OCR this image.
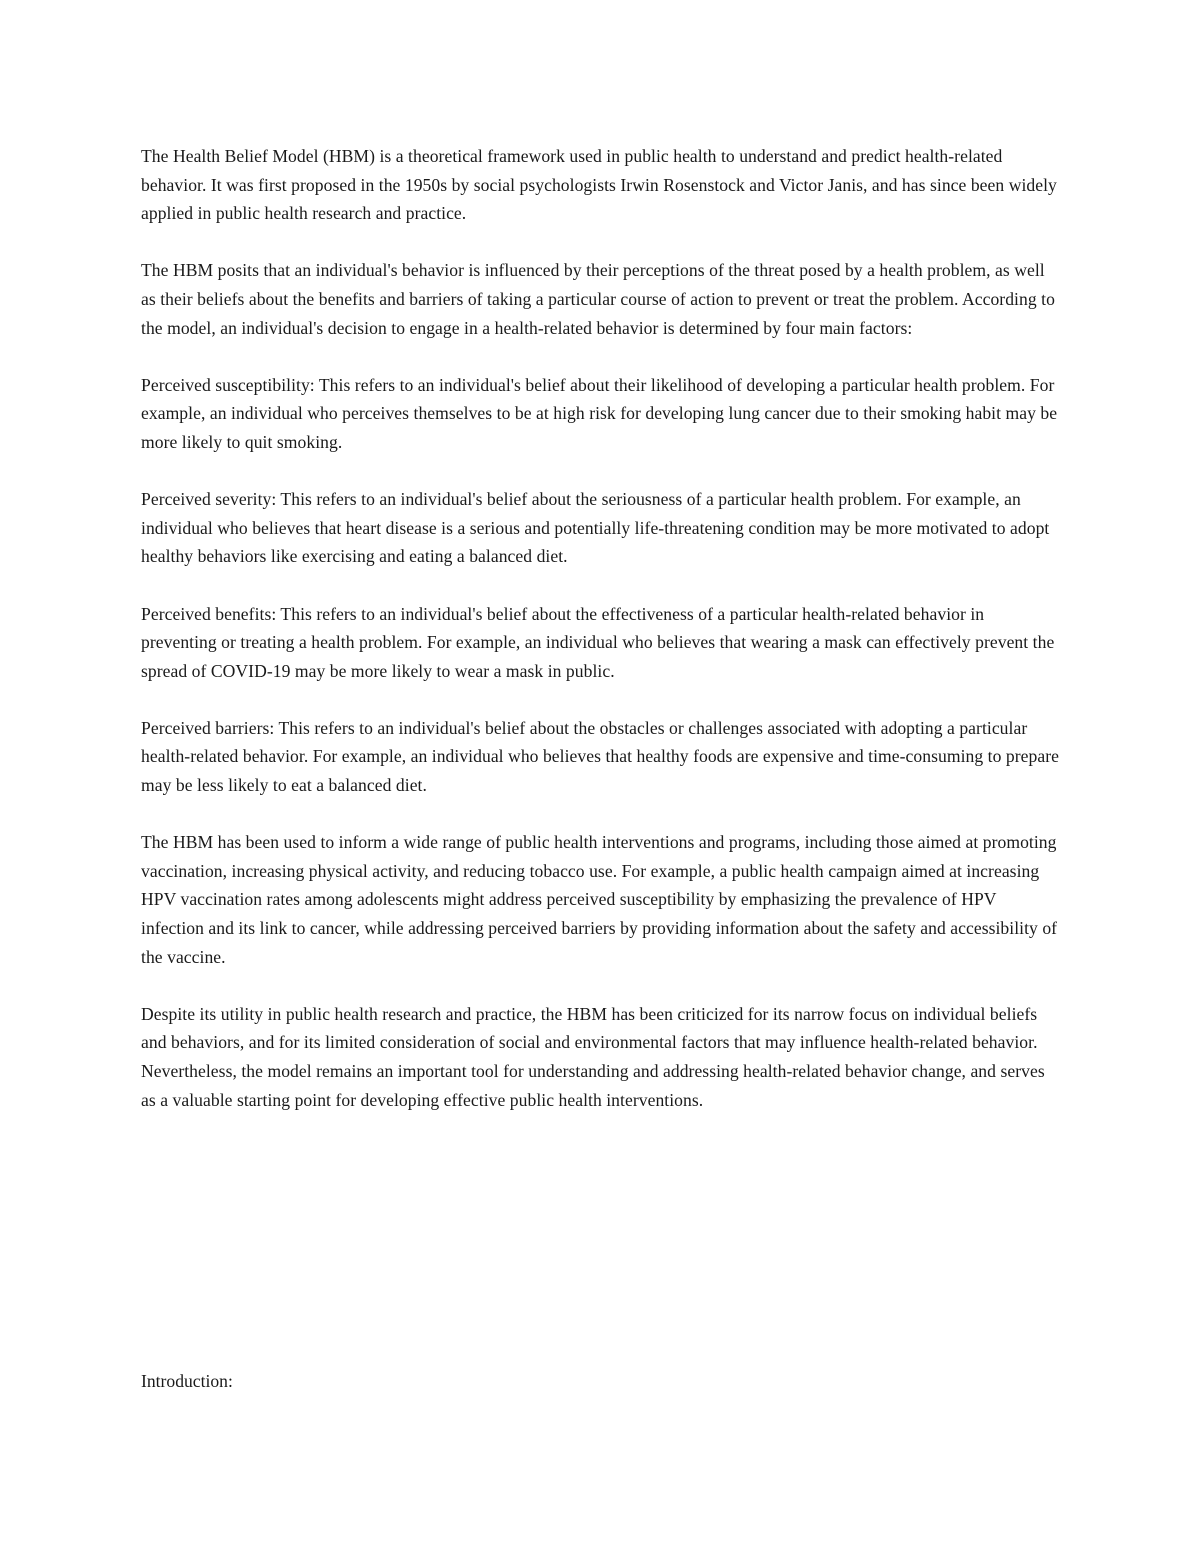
The Health Belief Model (HBM) is a theoretical framework used in public health to understand and predict health-related behavior. It was first proposed in the 1950s by social psychologists Irwin Rosenstock and Victor Janis, and has since been widely applied in public health research and practice.

The HBM posits that an individual's behavior is influenced by their perceptions of the threat posed by a health problem, as well as their beliefs about the benefits and barriers of taking a particular course of action to prevent or treat the problem. According to the model, an individual's decision to engage in a health-related behavior is determined by four main factors:

Perceived susceptibility: This refers to an individual's belief about their likelihood of developing a particular health problem. For example, an individual who perceives themselves to be at high risk for developing lung cancer due to their smoking habit may be more likely to quit smoking.

Perceived severity: This refers to an individual's belief about the seriousness of a particular health problem. For example, an individual who believes that heart disease is a serious and potentially life-threatening condition may be more motivated to adopt healthy behaviors like exercising and eating a balanced diet.

Perceived benefits: This refers to an individual's belief about the effectiveness of a particular health-related behavior in preventing or treating a health problem. For example, an individual who believes that wearing a mask can effectively prevent the spread of COVID-19 may be more likely to wear a mask in public.

Perceived barriers: This refers to an individual's belief about the obstacles or challenges associated with adopting a particular health-related behavior. For example, an individual who believes that healthy foods are expensive and time-consuming to prepare may be less likely to eat a balanced diet.

The HBM has been used to inform a wide range of public health interventions and programs, including those aimed at promoting vaccination, increasing physical activity, and reducing tobacco use. For example, a public health campaign aimed at increasing HPV vaccination rates among adolescents might address perceived susceptibility by emphasizing the prevalence of HPV infection and its link to cancer, while addressing perceived barriers by providing information about the safety and accessibility of the vaccine.

Despite its utility in public health research and practice, the HBM has been criticized for its narrow focus on individual beliefs and behaviors, and for its limited consideration of social and environmental factors that may influence health-related behavior. Nevertheless, the model remains an important tool for understanding and addressing health-related behavior change, and serves as a valuable starting point for developing effective public health interventions.

Introduction:
